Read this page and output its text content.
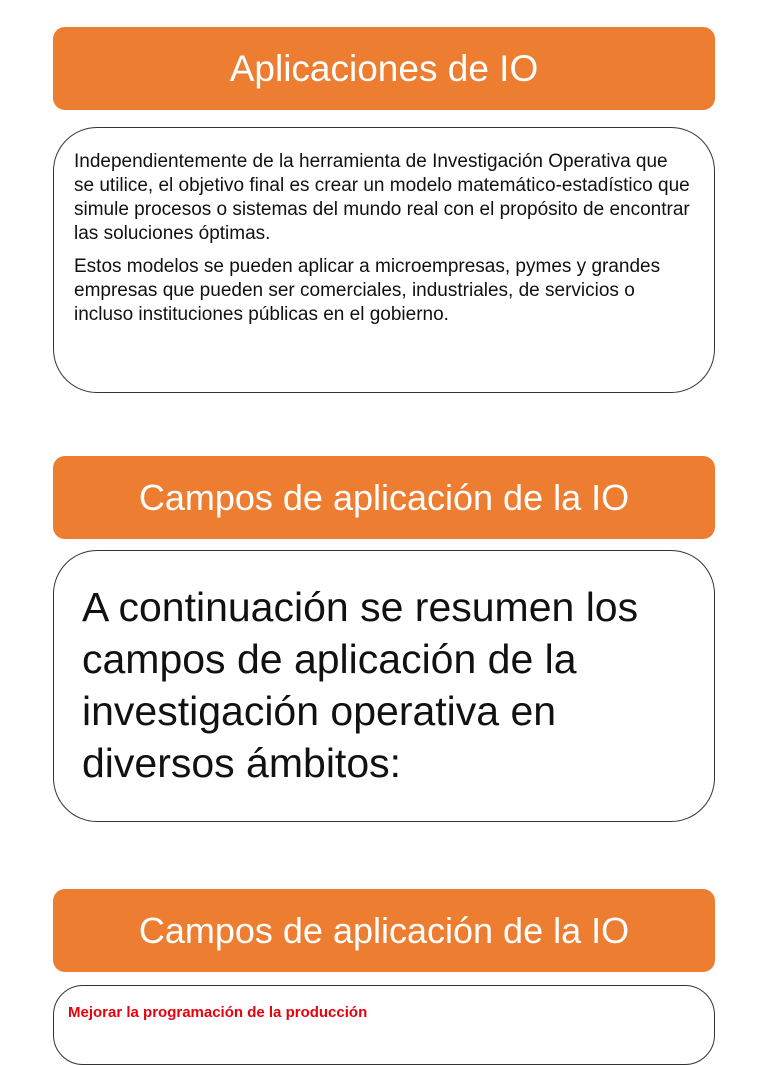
Aplicaciones de IO

Independientemente de la herramienta de Investigación Operativa que se utilice, el objetivo final es crear un modelo matemático-estadístico que simule procesos o sistemas del mundo real con el propósito de encontrar las soluciones óptimas.

Estos modelos se pueden aplicar a microempresas, pymes y grandes empresas que pueden ser comerciales, industriales, de servicios o incluso instituciones públicas en el gobierno.

Campos de aplicación de la IO

A continuación se resumen los campos de aplicación de la investigación operativa en diversos ámbitos:

Campos de aplicación de la IO
Mejorar la programación de la producción
